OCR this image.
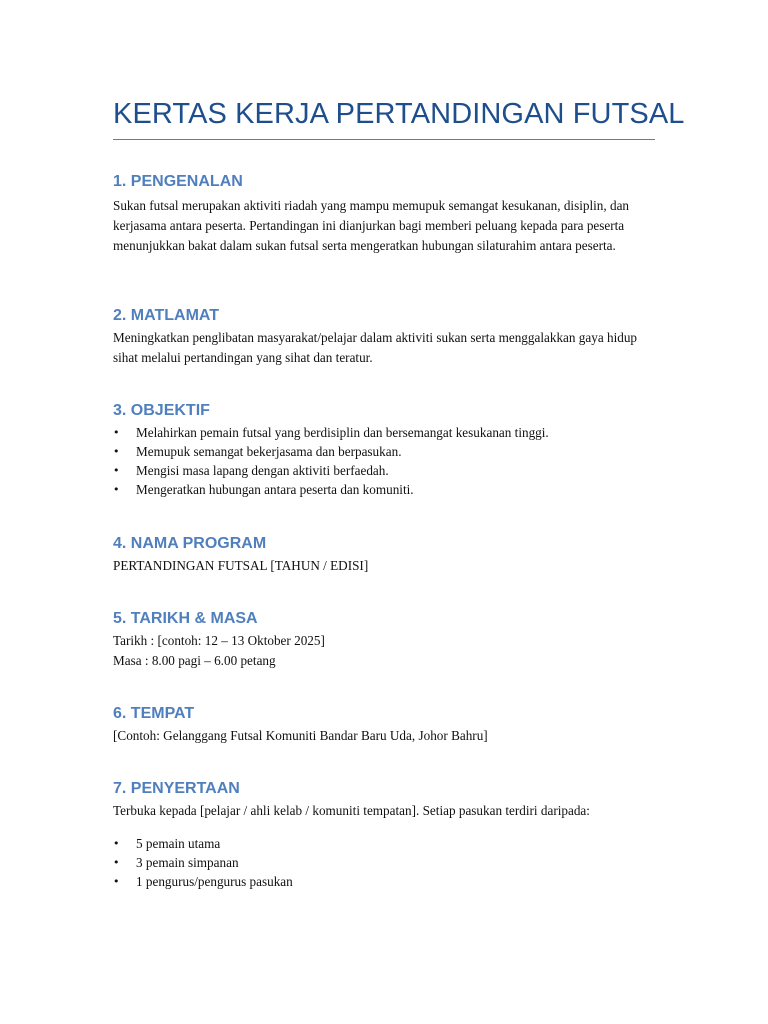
KERTAS KERJA PERTANDINGAN FUTSAL
1. PENGENALAN

Sukan futsal merupakan aktiviti riadah yang mampu memupuk semangat kesukanan, disiplin, dan kerjasama antara peserta. Pertandingan ini dianjurkan bagi memberi peluang kepada para peserta menunjukkan bakat dalam sukan futsal serta mengeratkan hubungan silaturahim antara peserta.

2. MATLAMAT

Meningkatkan penglibatan masyarakat/pelajar dalam aktiviti sukan serta menggalakkan gaya hidup sihat melalui pertandingan yang sihat dan teratur.

3. OBJEKTIF
• Melahirkan pemain futsal yang berdisiplin dan bersemangat kesukanan tinggi.
• Memupuk semangat bekerjasama dan berpasukan.
• Mengisi masa lapang dengan aktiviti berfaedah.
• Mengeratkan hubungan antara peserta dan komuniti.
4. NAMA PROGRAM

PERTANDINGAN FUTSAL [TAHUN / EDISI]

5. TARIKH & MASA

Tarikh : [contoh: 12 – 13 Oktober 2025]

Masa : 8.00 pagi – 6.00 petang

6. TEMPAT

[Contoh: Gelanggang Futsal Komuniti Bandar Baru Uda, Johor Bahru]

7. PENYERTAAN

Terbuka kepada [pelajar / ahli kelab / komuniti tempatan]. Setiap pasukan terdiri daripada:

• 5 pemain utama
• 3 pemain simpanan
• 1 pengurus/pengurus pasukan
